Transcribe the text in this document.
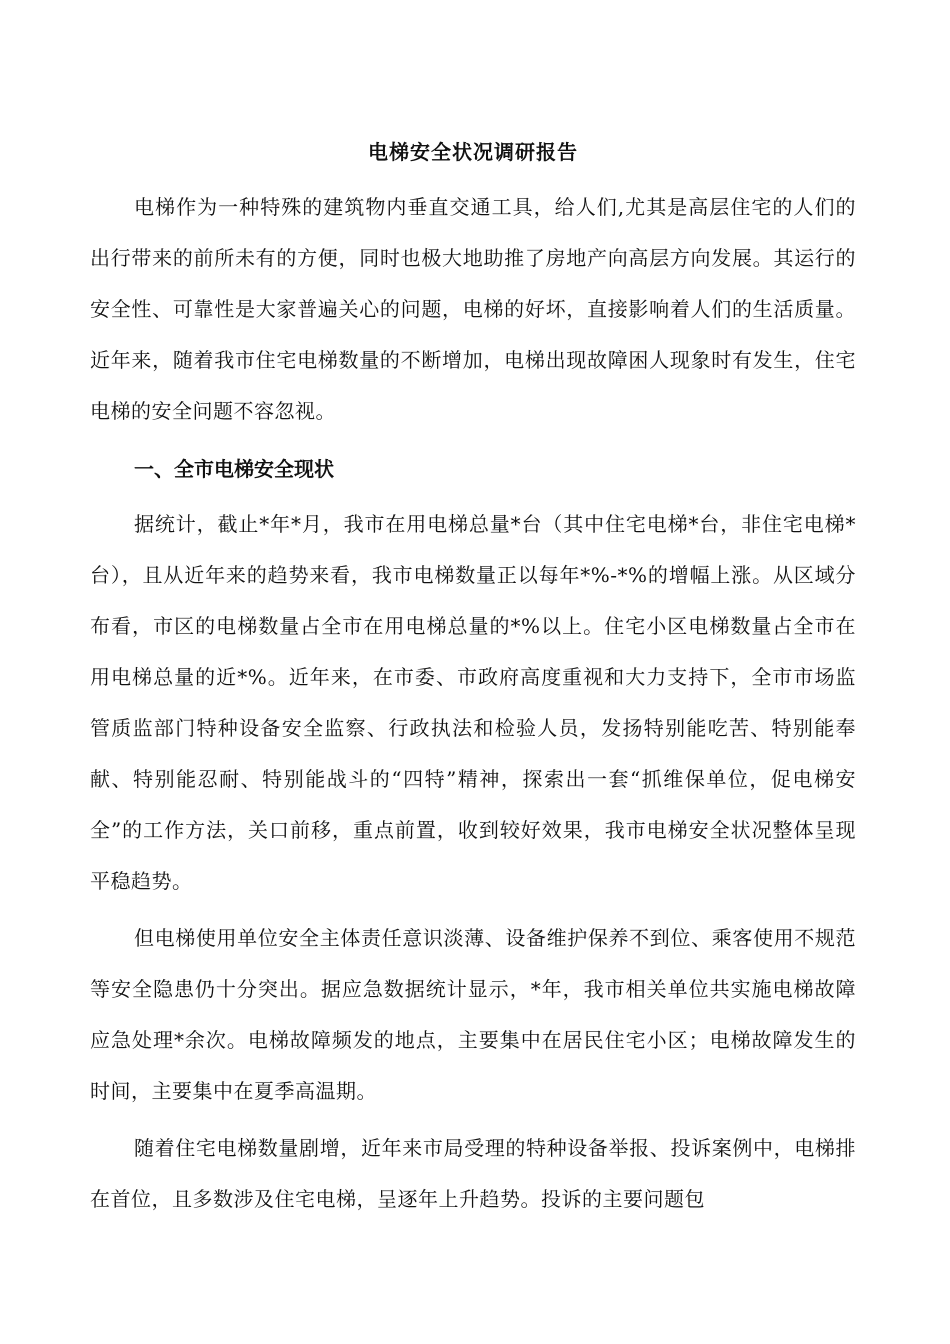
电梯安全状况调研报告

电梯作为一种特殊的建筑物内垂直交通工具，给人们,尤其是高层住宅的人们的出行带来的前所未有的方便，同时也极大地助推了房地产向高层方向发展。其运行的安全性、可靠性是大家普遍关心的问题，电梯的好坏，直接影响着人们的生活质量。近年来，随着我市住宅电梯数量的不断增加，电梯出现故障困人现象时有发生，住宅电梯的安全问题不容忽视。

一、全市电梯安全现状

据统计，截止*年*月，我市在用电梯总量*台（其中住宅电梯*台，非住宅电梯*台），且从近年来的趋势来看，我市电梯数量正以每年*%-*%的增幅上涨。从区域分布看，市区的电梯数量占全市在用电梯总量的*%以上。住宅小区电梯数量占全市在用电梯总量的近*%。近年来，在市委、市政府高度重视和大力支持下，全市市场监管质监部门特种设备安全监察、行政执法和检验人员，发扬特别能吃苦、特别能奉献、特别能忍耐、特别能战斗的“四特”精神，探索出一套“抓维保单位，促电梯安全”的工作方法，关口前移，重点前置，收到较好效果，我市电梯安全状况整体呈现平稳趋势。

但电梯使用单位安全主体责任意识淡薄、设备维护保养不到位、乘客使用不规范等安全隐患仍十分突出。据应急数据统计显示，*年，我市相关单位共实施电梯故障应急处理*余次。电梯故障频发的地点，主要集中在居民住宅小区；电梯故障发生的时间，主要集中在夏季高温期。

随着住宅电梯数量剧增，近年来市局受理的特种设备举报、投诉案例中，电梯排在首位，且多数涉及住宅电梯，呈逐年上升趋势。投诉的主要问题包
